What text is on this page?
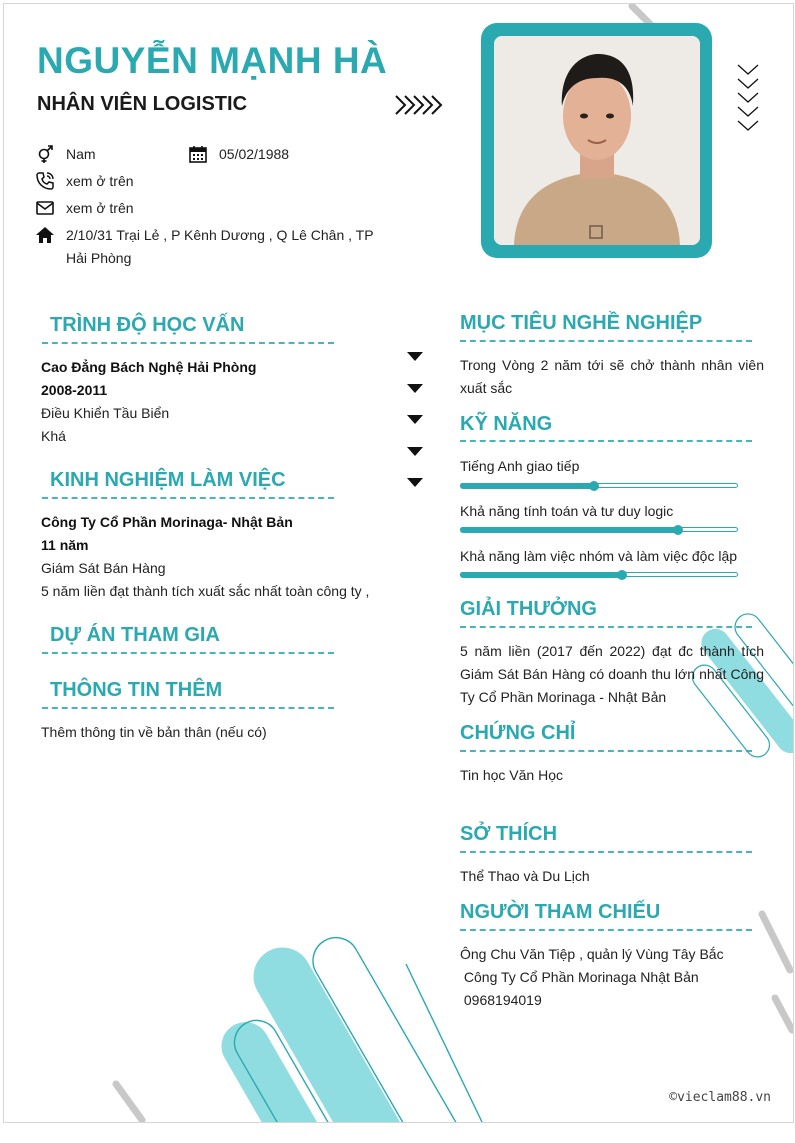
NGUYỄN MẠNH HÀ
NHÂN VIÊN LOGISTIC
Nam	05/02/1988
xem ở trên
xem ở trên
2/10/31 Trại Lẻ , P Kênh Dương , Q Lê Chân , TP Hải Phòng
TRÌNH ĐỘ HỌC VẤN
Cao Đẳng Bách Nghệ Hải Phòng
2008-2011
Điều Khiển Tầu Biển
Khá
KINH NGHIỆM LÀM VIỆC
Công Ty Cổ Phần Morinaga- Nhật Bản
11 năm
Giám Sát Bán Hàng
5 năm liền đạt thành tích xuất sắc nhất toàn công ty ,
DỰ ÁN THAM GIA
THÔNG TIN THÊM
Thêm thông tin về bản thân (nếu có)
MỤC TIÊU NGHỀ NGHIỆP
Trong Vòng 2 năm tới sẽ chở thành nhân viên xuất sắc
KỸ NĂNG
Tiếng Anh giao tiếp
Khả năng tính toán và tư duy logic
Khả năng làm việc nhóm và làm việc độc lập
GIẢI THƯỞNG
5 năm liền (2017 đến 2022) đạt đc thành tích Giám Sát Bán Hàng có doanh thu lớn nhất Công Ty Cổ Phần Morinaga - Nhật Bản
CHỨNG CHỈ
Tin học Văn Học
SỞ THÍCH
Thể Thao và Du Lịch
NGƯỜI THAM CHIẾU
Ông Chu Văn Tiệp , quản lý Vùng Tây Bắc
Công Ty Cổ Phần Morinaga Nhật Bản
0968194019
©vieclam88.vn
